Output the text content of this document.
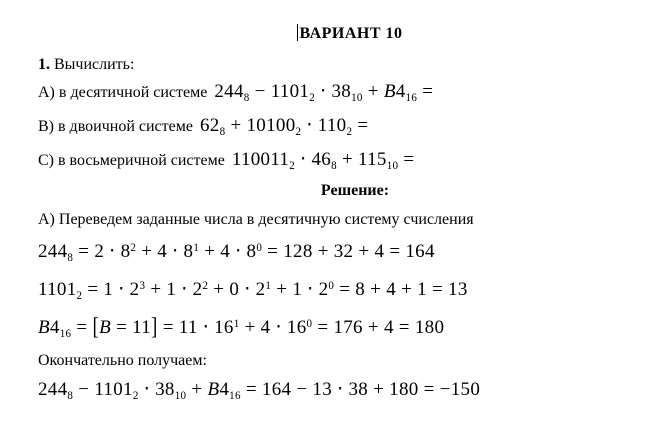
ВАРИАНТ 10
1. Вычислить:
А) в десятичной системе $244_8 - 1101_2 \cdot 38_{10} + B4_{16}$ =
В) в двоичной системе $62_8 + 10100_2 \cdot 110_2$ =
С) в восьмеричной системе $110011_2 \cdot 46_8 + 115_{10}$ =
Решение:
А) Переведем заданные числа в десятичную систему счисления
$244_8 = 2 \cdot 8^2 + 4 \cdot 8^1 + 4 \cdot 8^0 = 128 + 32 + 4 = 164$
$1101_2 = 1 \cdot 2^3 + 1 \cdot 2^2 + 0 \cdot 2^1 + 1 \cdot 2^0 = 8 + 4 + 1 = 13$
$B4_{16} = [B = 11] = 11 \cdot 16^1 + 4 \cdot 16^0 = 176 + 4 = 180$
Окончательно получаем:
$244_8 - 1101_2 \cdot 38_{10} + B4_{16} = 164 - 13 \cdot 38 + 180 = -150$
